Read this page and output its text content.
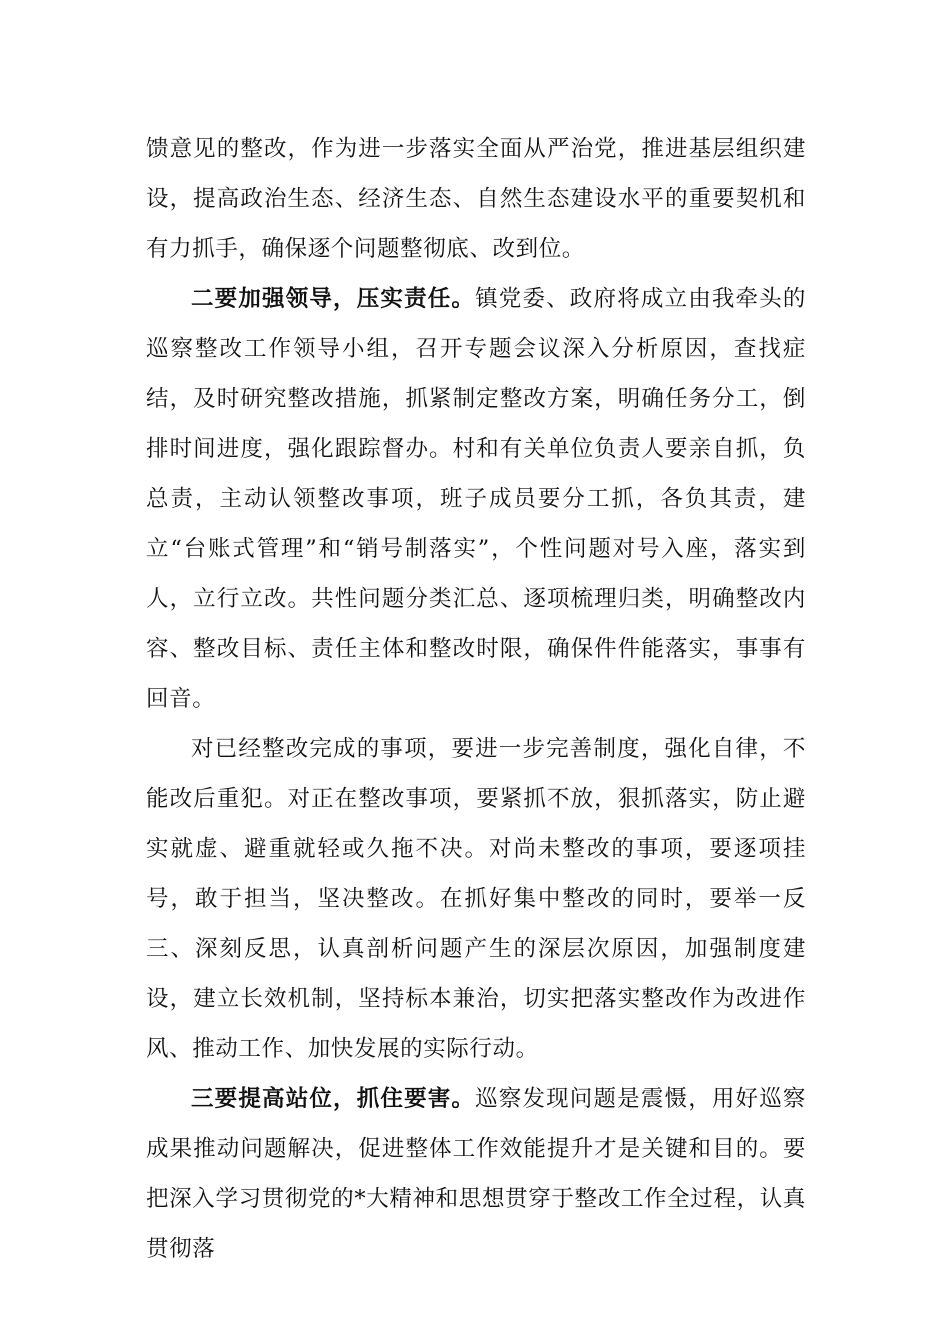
馈意见的整改，作为进一步落实全面从严治党，推进基层组织建设，提高政治生态、经济生态、自然生态建设水平的重要契机和有力抓手，确保逐个问题整彻底、改到位。

二要加强领导，压实责任。镇党委、政府将成立由我牵头的巡察整改工作领导小组，召开专题会议深入分析原因，查找症结，及时研究整改措施，抓紧制定整改方案，明确任务分工，倒排时间进度，强化跟踪督办。村和有关单位负责人要亲自抓，负总责，主动认领整改事项，班子成员要分工抓，各负其责，建立“台账式管理”和“销号制落实”，个性问题对号入座，落实到人，立行立改。共性问题分类汇总、逐项梳理归类，明确整改内容、整改目标、责任主体和整改时限，确保件件能落实，事事有回音。

对已经整改完成的事项，要进一步完善制度，强化自律，不能改后重犯。对正在整改事项，要紧抓不放，狠抓落实，防止避实就虚、避重就轻或久拖不决。对尚未整改的事项，要逐项挂号，敢于担当，坚决整改。在抓好集中整改的同时，要举一反三、深刻反思，认真剖析问题产生的深层次原因，加强制度建设，建立长效机制，坚持标本兼治，切实把落实整改作为改进作风、推动工作、加快发展的实际行动。

三要提高站位，抓住要害。巡察发现问题是震慑，用好巡察成果推动问题解决，促进整体工作效能提升才是关键和目的。要把深入学习贯彻党的*大精神和思想贯穿于整改工作全过程，认真贯彻落
